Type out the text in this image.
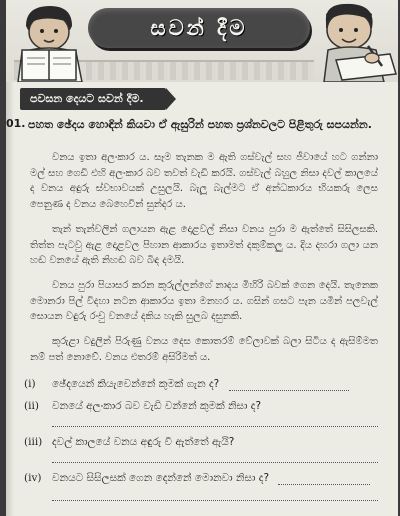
සවන් දීම
පවසන දෙයට සවන් දීම.
01. පහත ඡේදය හොඳින් කියවා ඒ ඇසුරින් පහත ප්‍රශ්නවලට පිළිතුරු සපයන්න.
වනය ඉතා අලංකාර ය. සෑම තැනක ම ඇති ගස්වැල් සහ ජීවායේ හට ගන්නා මල් සහ ගෙඩි එහි අලංකාර බව තවත් වැඩි කරයි. ගස්වැල් බහුල නිසා දවල් කාලයේ ද වනය අඳුරු ස්වභාවයක් උසුලයි. බැලූ බැල්මට ඒ අන්ධකාරය භියකරු ලෙස පෙනුණ ද වනය බෙහෙවින් සුන්දර ය.
තැන් තැන්වලින් ගලායන ඇළ දොළවල් නිසා වනය පුරා ම ඇත්තේ සිසිලසකි. තිත්ත පැටවු ඇළ දොළවල පිහාන ආකාරය ඉතාමත් දකුම්කලු ය. දිය දහරා ගලා යන හඬ වනයේ ඇති නිහඬ බව බිඳ දමයි.
වනය පුරා පියාසර කරන කුරුල්ලන්ගේ නාදය මිහිරි බවක් ගෙන දෙයි. තැනෙක මොනරා පිල් විදහා නටන ආකාරය ඉතා මනහර ය. ගසින් ගසට පැන යමින් පලවැල් සොයන වඳුරු රංචු වනයේ දකිය හැකි සුලබ දසුනකි.
කුරුළා වදුලින් පිරුණු වනය දෙස කොතරම් වේලාවක් බලා සිටිය ද ඇසිම්මත නම් පත් නොවේ. වනය එතරම් අසිරිමත් ය.
(i) ඡේදයෙන් කියැවෙන්නේ කුමක් ගැන ද?
(ii) වනයේ අලංකාර බව වැඩි වන්නේ කුමක් නිසා ද?
(iii) දවල් කාලයේ වනය අඳුරු වී ඇත්තේ ඇයි?
(iv) වනයට සිසිලසක් ගෙන දෙන්නේ මොනවා නිසා ද?
